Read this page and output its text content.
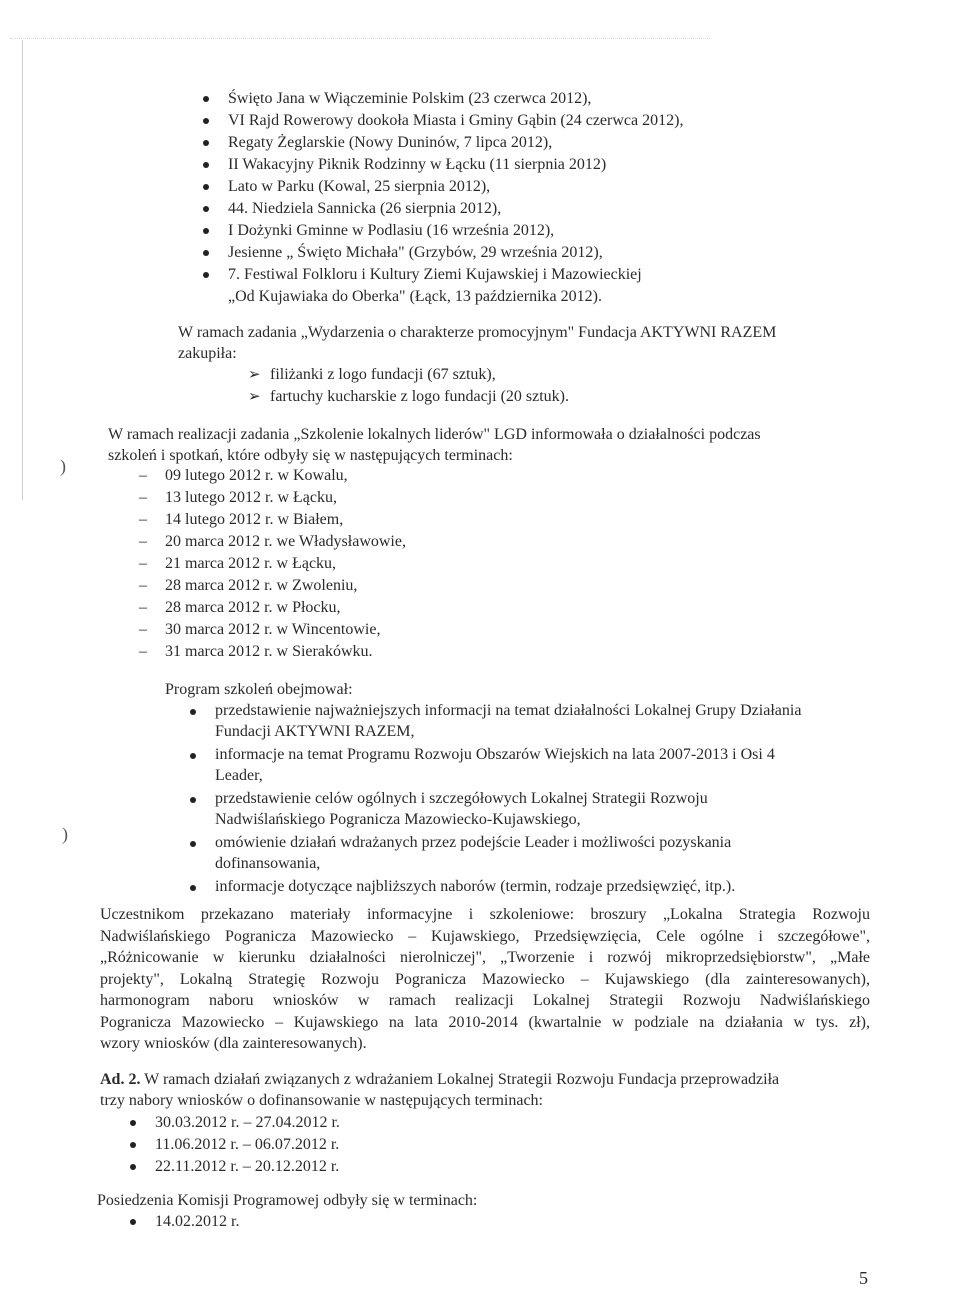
)
)
Święto Jana w Wiączeminie Polskim (23 czerwca 2012),
VI Rajd Rowerowy dookoła Miasta i Gminy Gąbin (24 czerwca 2012),
Regaty Żeglarskie (Nowy Duninów, 7 lipca 2012),
II Wakacyjny Piknik Rodzinny w Łącku (11 sierpnia 2012)
Lato w Parku (Kowal, 25 sierpnia 2012),
44. Niedziela Sannicka (26 sierpnia 2012),
I Dożynki Gminne w Podlasiu (16 września 2012),
Jesienne „ Święto Michała" (Grzybów, 29 września 2012),
7. Festiwal Folkloru i Kultury Ziemi Kujawskiej i Mazowieckiej
„Od Kujawiaka do Oberka" (Łąck, 13 października 2012).
W ramach zadania „Wydarzenia o charakterze promocyjnym" Fundacja AKTYWNI RAZEM
zakupiła:
➢ filiżanki z logo fundacji (67 sztuk),
➢ fartuchy kucharskie z logo fundacji (20 sztuk).
W ramach realizacji zadania „Szkolenie lokalnych liderów" LGD informowała o działalności podczas
szkoleń i spotkań, które odbyły się w następujących terminach:
– 09 lutego 2012 r. w Kowalu,
– 13 lutego 2012 r. w Łącku,
– 14 lutego 2012 r. w Białem,
– 20 marca 2012 r. we Władysławowie,
– 21 marca 2012 r. w Łącku,
– 28 marca 2012 r. w Zwoleniu,
– 28 marca 2012 r. w Płocku,
– 30 marca 2012 r. w Wincentowie,
– 31 marca 2012 r. w Sierakówku.
Program szkoleń obejmował:
przedstawienie najważniejszych informacji na temat działalności Lokalnej Grupy Działania
Fundacji AKTYWNI RAZEM,
informacje na temat Programu Rozwoju Obszarów Wiejskich na lata 2007-2013 i Osi 4
Leader,
przedstawienie celów ogólnych i szczegółowych Lokalnej Strategii Rozwoju
Nadwiślańskiego Pogranicza Mazowiecko-Kujawskiego,
omówienie działań wdrażanych przez podejście Leader i możliwości pozyskania
dofinansowania,
informacje dotyczące najbliższych naborów (termin, rodzaje przedsięwzięć, itp.).
Uczestnikom przekazano materiały informacyjne i szkoleniowe: broszury „Lokalna Strategia Rozwoju
Nadwiślańskiego Pogranicza Mazowiecko – Kujawskiego, Przedsięwzięcia, Cele ogólne i szczegółowe",
„Różnicowanie w kierunku działalności nierolniczej", „Tworzenie i rozwój mikroprzedsiębiorstw", „Małe
projekty", Lokalną Strategię Rozwoju Pogranicza Mazowiecko – Kujawskiego (dla zainteresowanych),
harmonogram naboru wniosków w ramach realizacji Lokalnej Strategii Rozwoju Nadwiślańskiego
Pogranicza Mazowiecko – Kujawskiego na lata 2010-2014 (kwartalnie w podziale na działania w tys. zł),
wzory wniosków (dla zainteresowanych).
Ad. 2. W ramach działań związanych z wdrażaniem Lokalnej Strategii Rozwoju Fundacja przeprowadziła
trzy nabory wniosków o dofinansowanie w następujących terminach:
30.03.2012 r. – 27.04.2012 r.
11.06.2012 r. – 06.07.2012 r.
22.11.2012 r. – 20.12.2012 r.
Posiedzenia Komisji Programowej odbyły się w terminach:
14.02.2012 r.
5
